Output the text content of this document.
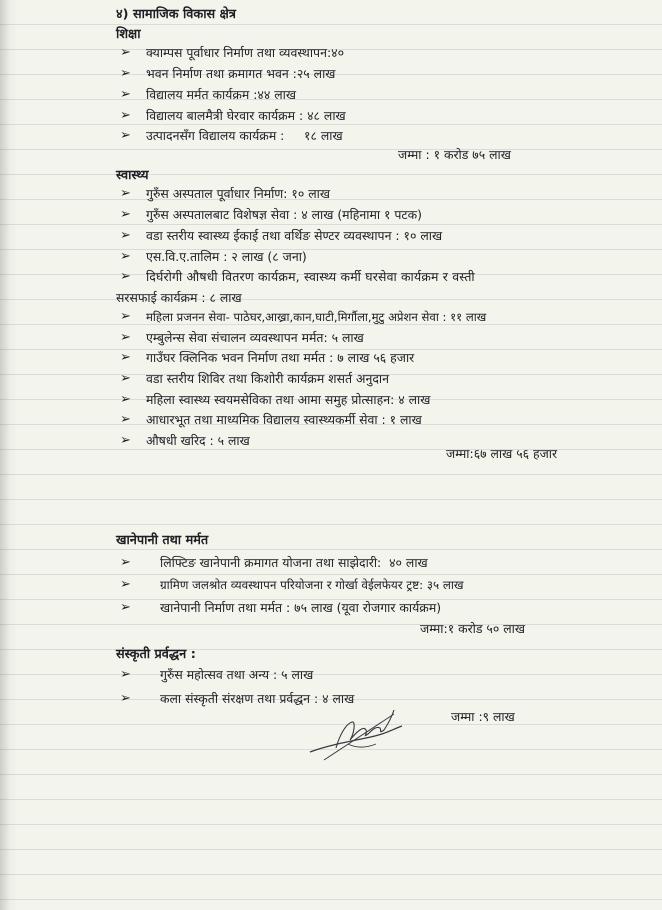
४) सामाजिक विकास क्षेत्र
शिक्षा
➢ क्याम्पस पूर्वाधार निर्माण तथा व्यवस्थापन:४०
➢ भवन निर्माण तथा क्रमागत भवन :२५ लाख
➢ विद्यालय मर्मत कार्यक्रम :४४ लाख
➢ विद्यालय बालमैत्री घेरवार कार्यक्रम : ४८ लाख
➢ उत्पादनसँग विद्यालय कार्यक्रम :     १८ लाख
जम्मा : १ करोड ७५ लाख
स्वास्थ्य
➢ गुरुँस अस्पताल पूर्वाधार निर्माण: १० लाख
➢ गुरुँस अस्पतालबाट विशेषज्ञ सेवा : ४ लाख (महिनामा १ पटक)
➢ वडा स्तरीय स्वास्थ्य ईकाई तथा वर्थिङ सेण्टर व्यवस्थापन : १० लाख
➢ एस.वि.ए.तालिम : २ लाख (८ जना)
➢ दिर्घरोगी औषधी वितरण कार्यक्रम, स्वास्थ्य कर्मी घरसेवा कार्यक्रम र वस्ती
सरसफाई कार्यक्रम : ८ लाख
➢ महिला प्रजनन सेवा- पाठेघर,आख्रा,कान,घाटी,मिर्गौला,मुटु अप्रेशन सेवा : ११ लाख
➢ एम्बुलेन्स सेवा संचालन व्यवस्थापन मर्मत: ५ लाख
➢ गाउँघर क्लिनिक भवन निर्माण तथा मर्मत : ७ लाख ५६ हजार
➢ वडा स्तरीय शिविर तथा किशोरी कार्यक्रम शसर्त अनुदान
➢ महिला स्वास्थ्य स्वयमसेविका तथा आमा समुह प्रोत्साहन: ४ लाख
➢ आधारभूत तथा माध्यमिक विद्यालय स्वास्थ्यकर्मी सेवा : १ लाख
➢ औषधी खरिद : ५ लाख
जम्मा:६७ लाख ५६ हजार
खानेपानी तथा मर्मत
➢ लिफ्टिङ खानेपानी क्रमागत योजना तथा साझेदारी:  ४० लाख
➢ ग्रामिण जलश्रोत व्यवस्थापन परियोजना र गोर्खा वेईलफेयर ट्रष्ट: ३५ लाख
➢ खानेपानी निर्माण तथा मर्मत : ७५ लाख (यूवा रोजगार कार्यक्रम)
जम्मा:१ करोड ५० लाख
संस्कृती प्रर्वद्धन :
➢ गुरुँस महोत्सव तथा अन्य : ५ लाख
➢ कला संस्कृती संरक्षण तथा प्रर्वद्धन : ४ लाख
जम्मा :९ लाख
